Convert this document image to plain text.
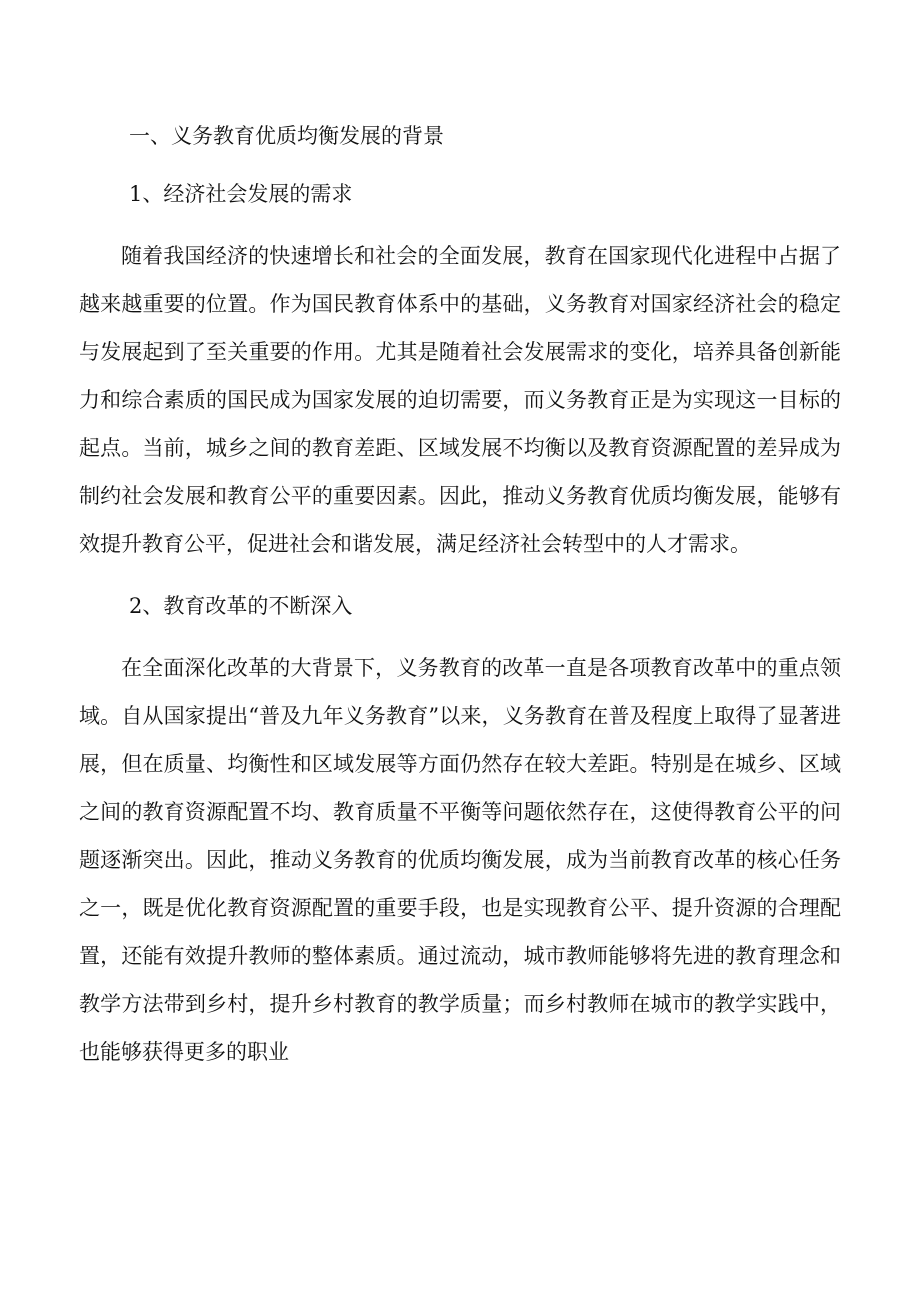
一、义务教育优质均衡发展的背景
1、经济社会发展的需求

随着我国经济的快速增长和社会的全面发展，教育在国家现代化进程中占据了越来越重要的位置。作为国民教育体系中的基础，义务教育对国家经济社会的稳定与发展起到了至关重要的作用。尤其是随着社会发展需求的变化，培养具备创新能力和综合素质的国民成为国家发展的迫切需要，而义务教育正是为实现这一目标的起点。当前，城乡之间的教育差距、区域发展不均衡以及教育资源配置的差异成为制约社会发展和教育公平的重要因素。因此，推动义务教育优质均衡发展，能够有效提升教育公平，促进社会和谐发展，满足经济社会转型中的人才需求。

2、教育改革的不断深入

在全面深化改革的大背景下，义务教育的改革一直是各项教育改革中的重点领域。自从国家提出“普及九年义务教育”以来，义务教育在普及程度上取得了显著进展，但在质量、均衡性和区域发展等方面仍然存在较大差距。特别是在城乡、区域之间的教育资源配置不均、教育质量不平衡等问题依然存在，这使得教育公平的问题逐渐突出。因此，推动义务教育的优质均衡发展，成为当前教育改革的核心任务之一，既是优化教育资源配置的重要手段，也是实现教育公平、提升资源的合理配置，还能有效提升教师的整体素质。通过流动，城市教师能够将先进的教育理念和教学方法带到乡村，提升乡村教育的教学质量；而乡村教师在城市的教学实践中，也能够获得更多的职业
